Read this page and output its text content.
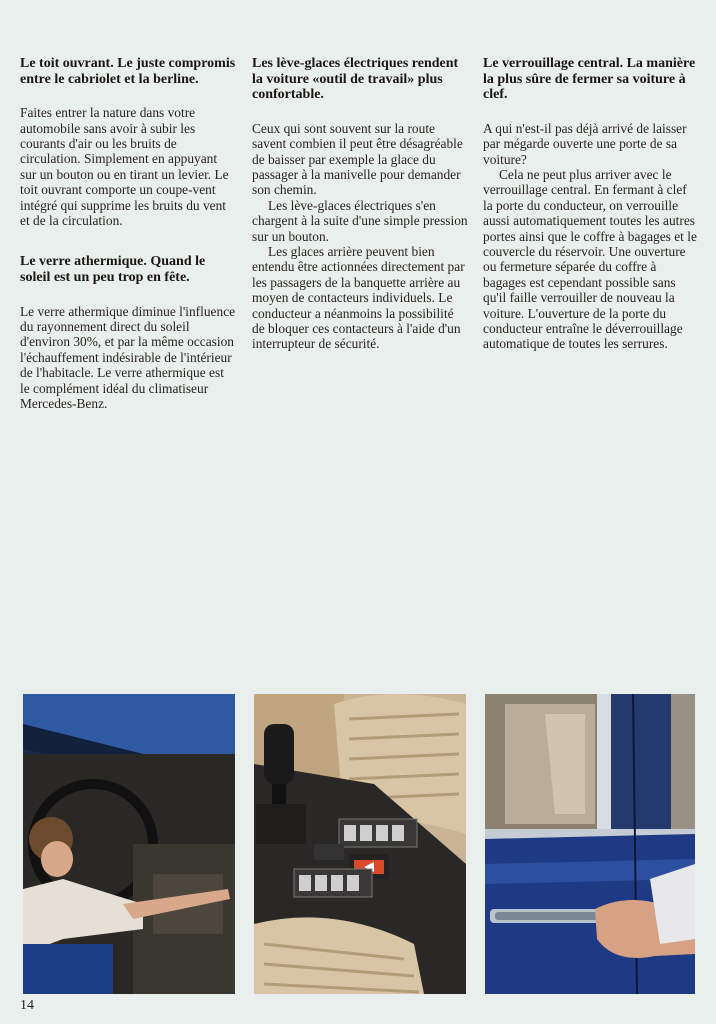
Le toit ouvrant. Le juste compromis entre le cabriolet et la berline.

Faites entrer la nature dans votre automobile sans avoir à subir les courants d'air ou les bruits de circulation. Simplement en appuyant sur un bouton ou en tirant un levier. Le toit ouvrant comporte un coupe-vent intégré qui supprime les bruits du vent et de la circulation.

Le verre athermique. Quand le soleil est un peu trop en fête.

Le verre athermique diminue l'influence du rayonnement direct du soleil d'environ 30%, et par la même occasion l'échauffement indésirable de l'intérieur de l'habitacle. Le verre athermique est le complément idéal du climatiseur Mercedes-Benz.

Les lève-glaces électriques rendent la voiture «outil de travail» plus confortable.

Ceux qui sont souvent sur la route savent combien il peut être désagréable de baisser par exemple la glace du passager à la manivelle pour demander son chemin.

Les lève-glaces électriques s'en chargent à la suite d'une simple pression sur un bouton.

Les glaces arrière peuvent bien entendu être actionnées directement par les passagers de la banquette arrière au moyen de contacteurs individuels. Le conducteur a néanmoins la possibilité de bloquer ces contacteurs à l'aide d'un interrupteur de sécurité.

Le verrouillage central. La manière la plus sûre de fermer sa voiture à clef.

A qui n'est-il pas déjà arrivé de laisser par mégarde ouverte une porte de sa voiture?

Cela ne peut plus arriver avec le verrouillage central. En fermant à clef la porte du conducteur, on verrouille aussi automatiquement toutes les autres portes ainsi que le coffre à bagages et le couvercle du réservoir. Une ouverture ou fermeture séparée du coffre à bagages est cependant possible sans qu'il faille verrouiller de nouveau la voiture. L'ouverture de la porte du conducteur entraîne le déverrouillage automatique de toutes les serrures.

14
